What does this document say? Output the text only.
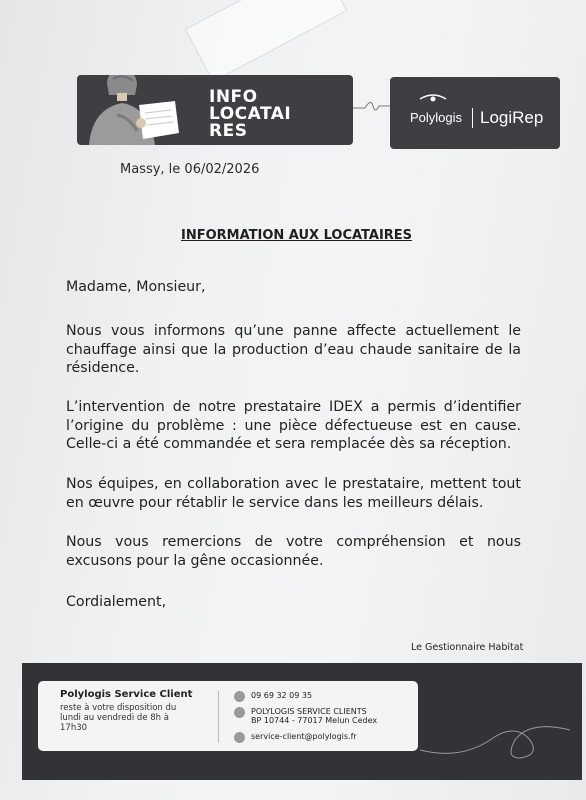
INFO
LOCATAI
RES
Polylogis LogiRep
Massy, le 06/02/2026
INFORMATION AUX LOCATAIRES
Madame, Monsieur,
Nous vous informons qu’une panne affecte actuellement le chauffage ainsi que la production d’eau chaude sanitaire de la résidence.
L’intervention de notre prestataire IDEX a permis d’identifier l’origine du problème : une pièce défectueuse est en cause. Celle-ci a été commandée et sera remplacée dès sa réception.
Nos équipes, en collaboration avec le prestataire, mettent tout en œuvre pour rétablir le service dans les meilleurs délais.
Nous vous remercions de votre compréhension et nous excusons pour la gêne occasionnée.
Cordialement,
Le Gestionnaire Habitat
Polylogis Service Client
reste à votre disposition du lundi au vendredi de 8h à 17h30
09 69 32 09 35
POLYLOGIS SERVICE CLIENTS
BP 10744 - 77017 Melun Cedex
service-client@polylogis.fr
